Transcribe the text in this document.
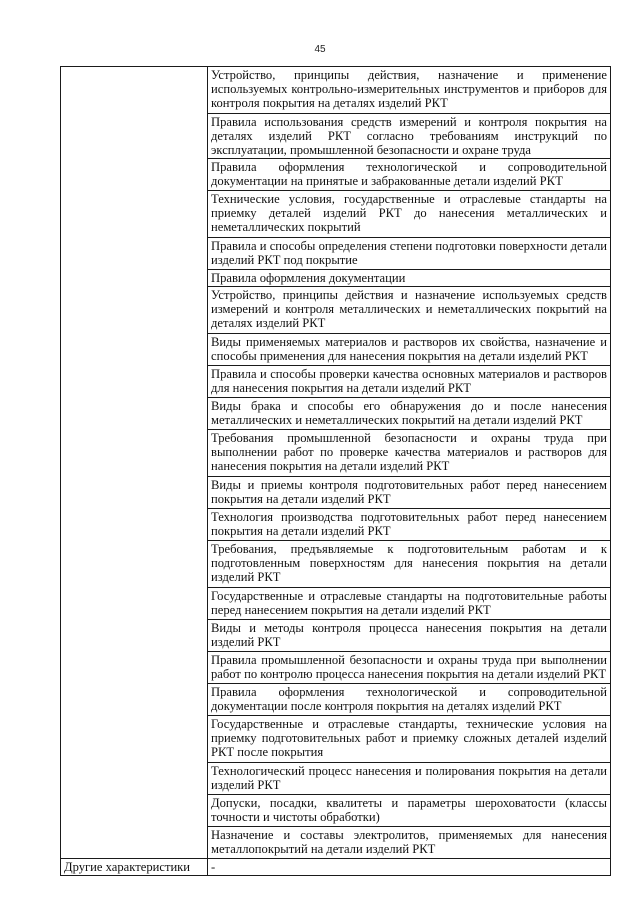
45
	Устройство, принципы действия, назначение и применение используемых контрольно-измерительных инструментов и приборов для контроля покрытия на деталях изделий РКТ
	Правила использования средств измерений и контроля покрытия на деталях изделий РКТ согласно требованиям инструкций по эксплуатации, промышленной безопасности и охране труда
	Правила оформления технологической и сопроводительной документации на принятые и забракованные детали изделий РКТ
	Технические условия, государственные и отраслевые стандарты на приемку деталей изделий РКТ до нанесения металлических и неметаллических покрытий
	Правила и способы определения степени подготовки поверхности детали изделий РКТ под покрытие
	Правила оформления документации
	Устройство, принципы действия и назначение используемых средств измерений и контроля металлических и неметаллических покрытий на деталях изделий РКТ
	Виды применяемых материалов и растворов их свойства, назначение и способы применения для нанесения покрытия на детали изделий РКТ
	Правила и способы проверки качества основных материалов и растворов для нанесения покрытия на детали изделий РКТ
	Виды брака и способы его обнаружения до и после нанесения металлических и неметаллических покрытий на детали изделий РКТ
	Требования промышленной безопасности и охраны труда при выполнении работ по проверке качества материалов и растворов для нанесения покрытия на детали изделий РКТ
	Виды и приемы контроля подготовительных работ перед нанесением покрытия на детали изделий РКТ
	Технология производства подготовительных работ перед нанесением покрытия на детали изделий РКТ
	Требования, предъявляемые к подготовительным работам и к подготовленным поверхностям для нанесения покрытия на детали изделий РКТ
	Государственные и отраслевые стандарты на подготовительные работы перед нанесением покрытия на детали изделий РКТ
	Виды и методы контроля процесса нанесения покрытия на детали изделий РКТ
	Правила промышленной безопасности и охраны труда при выполнении работ по контролю процесса нанесения покрытия на детали изделий РКТ
	Правила оформления технологической и сопроводительной документации после контроля покрытия на деталях изделий РКТ
	Государственные и отраслевые стандарты, технические условия на приемку подготовительных работ и приемку сложных деталей изделий РКТ после покрытия
	Технологический процесс нанесения и полирования покрытия на детали изделий РКТ
	Допуски, посадки, квалитеты и параметры шероховатости (классы точности и чистоты обработки)
	Назначение и составы электролитов, применяемых для нанесения металлопокрытий на детали изделий РКТ
Другие характеристики	-
